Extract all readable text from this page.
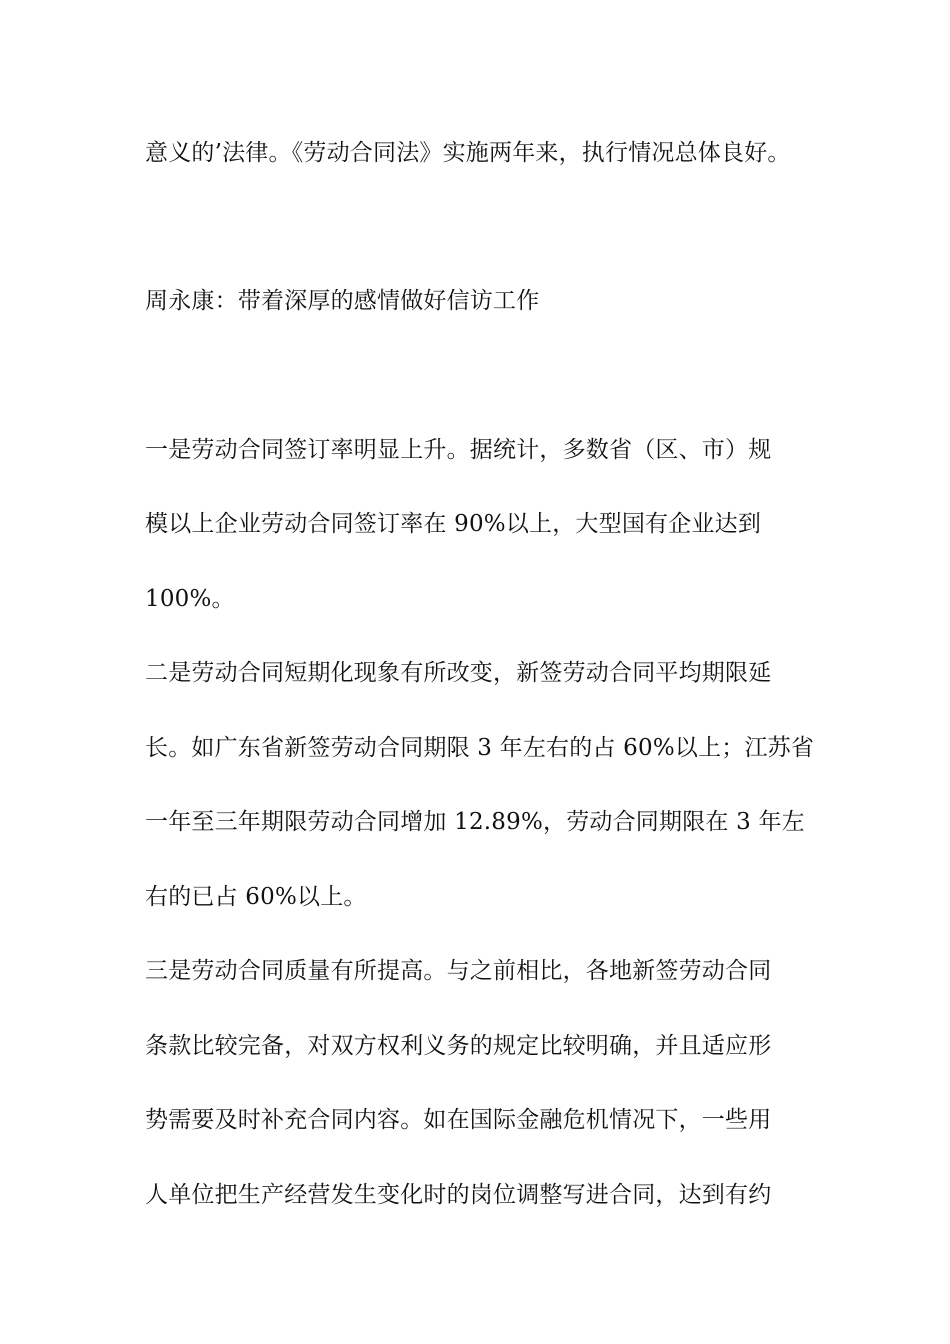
意义的’法律。《劳动合同法》实施两年来，执行情况总体良好。
周永康：带着深厚的感情做好信访工作
一是劳动合同签订率明显上升。据统计，多数省（区、市）规
模以上企业劳动合同签订率在 90%以上，大型国有企业达到
100%。
二是劳动合同短期化现象有所改变，新签劳动合同平均期限延
长。如广东省新签劳动合同期限 3 年左右的占 60%以上；江苏省
一年至三年期限劳动合同增加 12.89%，劳动合同期限在 3 年左
右的已占 60%以上。
三是劳动合同质量有所提高。与之前相比，各地新签劳动合同
条款比较完备，对双方权利义务的规定比较明确，并且适应形
势需要及时补充合同内容。如在国际金融危机情况下，一些用
人单位把生产经营发生变化时的岗位调整写进合同，达到有约
